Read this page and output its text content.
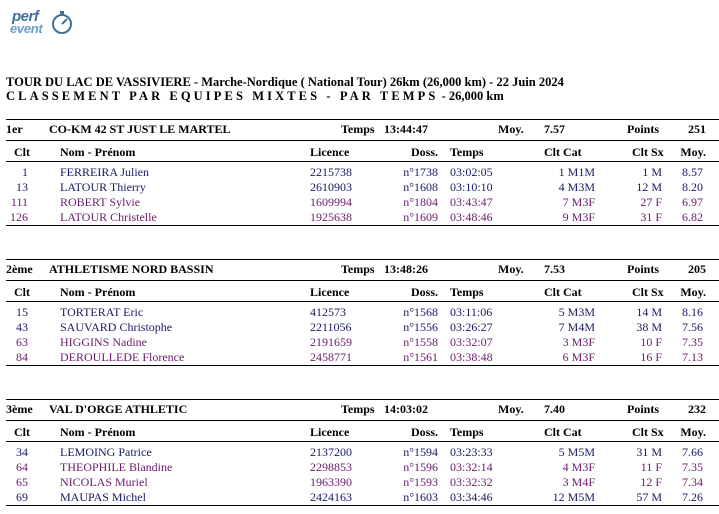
perf
event
TOUR DU LAC DE VASSIVIERE - Marche-Nordique ( National Tour) 26km (26,000 km) - 22 Juin 2024
CLASSEMENT PAR EQUIPES MIXTES - PAR TEMPS - 26,000 km
1er CO-KM 42 ST JUST LE MARTEL	Temps 13:44:47	Moy. 7.57	Points	251
Clt	Nom - Prénom	Licence	Doss. Temps	Clt Cat	Clt Sx	Moy.
1	FERREIRA Julien	2215738	n°1738 03:02:05	1 M1M	1 M	8.57
13	LATOUR Thierry	2610903	n°1608 03:10:10	4 M3M	12 M	8.20
111	ROBERT Sylvie	1609994	n°1804 03:43:47	7 M3F	27 F	6.97
126	LATOUR Christelle	1925638	n°1609 03:48:46	9 M3F	31 F	6.82
2ème ATHLETISME NORD BASSIN	Temps 13:48:26	Moy. 7.53	Points	205
Clt	Nom - Prénom	Licence	Doss. Temps	Clt Cat	Clt Sx	Moy.
15	TORTERAT Eric	412573	n°1568 03:11:06	5 M3M	14 M	8.16
43	SAUVARD Christophe	2211056	n°1556 03:26:27	7 M4M	38 M	7.56
63	HIGGINS Nadine	2191659	n°1558 03:32:07	3 M3F	10 F	7.35
84	DEROULLEDE Florence	2458771	n°1561 03:38:48	6 M3F	16 F	7.13
3ème VAL D'ORGE ATHLETIC	Temps 14:03:02	Moy. 7.40	Points	232
Clt	Nom - Prénom	Licence	Doss. Temps	Clt Cat	Clt Sx	Moy.
34	LEMOING Patrice	2137200	n°1594 03:23:33	5 M5M	31 M	7.66
64	THEOPHILE Blandine	2298853	n°1596 03:32:14	4 M3F	11 F	7.35
65	NICOLAS Muriel	1963390	n°1593 03:32:32	3 M4F	12 F	7.34
69	MAUPAS Michel	2424163	n°1603 03:34:46	12 M5M	57 M	7.26
